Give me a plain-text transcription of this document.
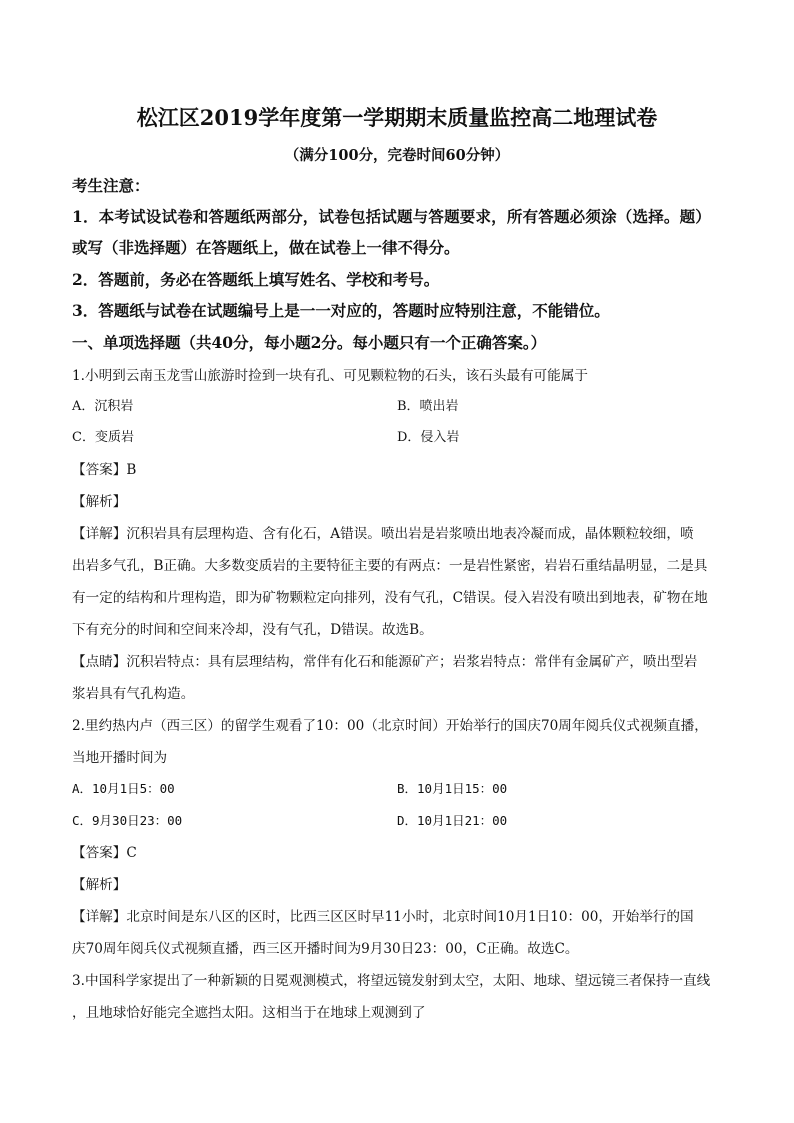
松江区2019学年度第一学期期末质量监控高二地理试卷
（满分100分，完卷时间60分钟）
考生注意：
1．本考试设试卷和答题纸两部分，试卷包括试题与答题要求，所有答题必须涂（选择。题）
或写（非选择题）在答题纸上，做在试卷上一律不得分。
2．答题前，务必在答题纸上填写姓名、学校和考号。
3．答题纸与试卷在试题编号上是一一对应的，答题时应特别注意，不能错位。
一、单项选择题（共40分，每小题2分。每小题只有一个正确答案。）
1.小明到云南玉龙雪山旅游时捡到一块有孔、可见颗粒物的石头，该石头最有可能属于
A．沉积岩	B．喷出岩
C．变质岩	D．侵入岩
【答案】B
【解析】
【详解】沉积岩具有层理构造、含有化石，A错误。喷出岩是岩浆喷出地表冷凝而成，晶体颗粒较细，喷
出岩多气孔，B正确。大多数变质岩的主要特征主要的有两点：一是岩性紧密，岩岩石重结晶明显，二是具
有一定的结构和片理构造，即为矿物颗粒定向排列，没有气孔，C错误。侵入岩没有喷出到地表，矿物在地
下有充分的时间和空间来冷却，没有气孔，D错误。故选B。
【点睛】沉积岩特点：具有层理结构，常伴有化石和能源矿产；岩浆岩特点：常伴有金属矿产，喷出型岩
浆岩具有气孔构造。
2.里约热内卢（西三区）的留学生观看了10：00（北京时间）开始举行的国庆70周年阅兵仪式视频直播，
当地开播时间为
A．10月1日5：00	B．10月1日15：00
C．9月30日23：00	D．10月1日21：00
【答案】C
【解析】
【详解】北京时间是东八区的区时，比西三区区时早11小时，北京时间10月1日10：00，开始举行的国
庆70周年阅兵仪式视频直播，西三区开播时间为9月30日23：00，C正确。故选C。
3.中国科学家提出了一种新颖的日冕观测模式，将望远镜发射到太空，太阳、地球、望远镜三者保持一直线
，且地球恰好能完全遮挡太阳。这相当于在地球上观测到了
